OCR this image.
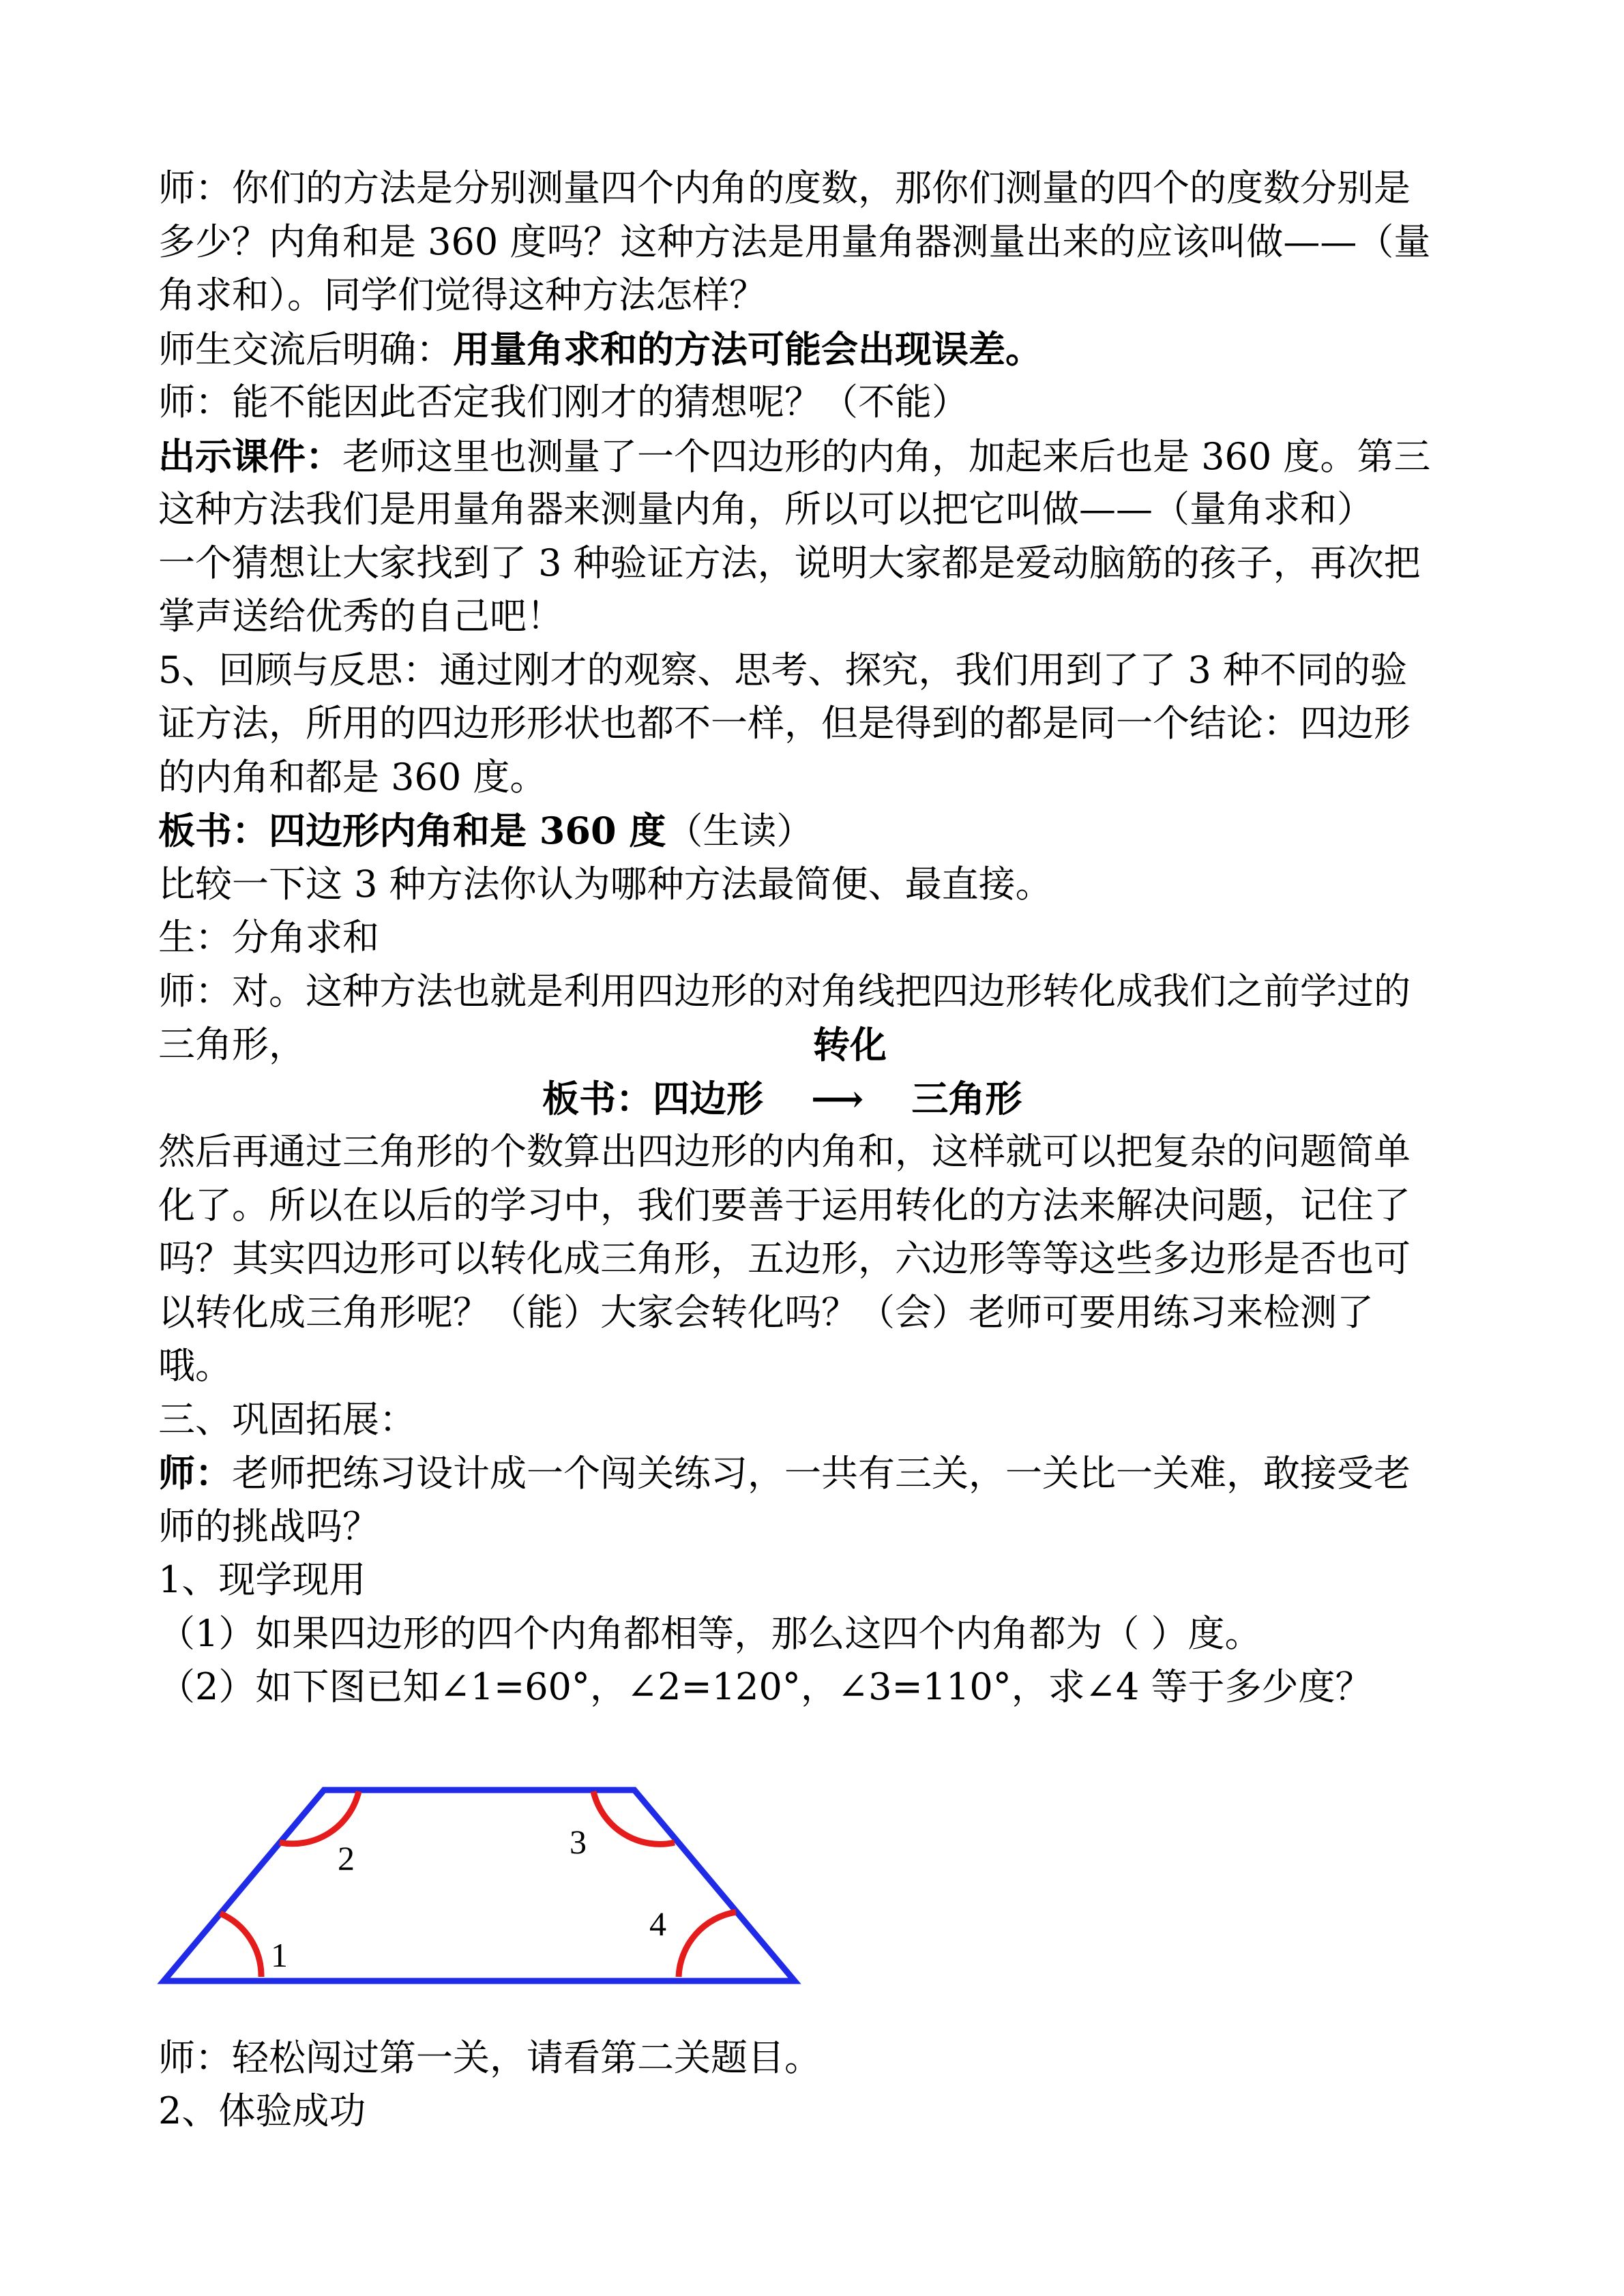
师：你们的方法是分别测量四个内角的度数，那你们测量的四个的度数分别是
多少？内角和是 360 度吗？这种方法是用量角器测量出来的应该叫做——（量
角求和）。同学们觉得这种方法怎样？
师生交流后明确：用量角求和的方法可能会出现误差。
师：能不能因此否定我们刚才的猜想呢？（不能）
出示课件：老师这里也测量了一个四边形的内角，加起来后也是 360 度。第三
这种方法我们是用量角器来测量内角，所以可以把它叫做——（量角求和）
一个猜想让大家找到了 3 种验证方法，说明大家都是爱动脑筋的孩子，再次把
掌声送给优秀的自己吧！
5、回顾与反思：通过刚才的观察、思考、探究，我们用到了了 3 种不同的验
证方法，所用的四边形形状也都不一样，但是得到的都是同一个结论：四边形
的内角和都是 360 度。
板书：四边形内角和是 360 度（生读）
比较一下这 3 种方法你认为哪种方法最简便、最直接。
生：分角求和
师：对。这种方法也就是利用四边形的对角线把四边形转化成我们之前学过的
三角形，	转化
板书：四边形 ⟶ 三角形
然后再通过三角形的个数算出四边形的内角和，这样就可以把复杂的问题简单
化了。所以在以后的学习中，我们要善于运用转化的方法来解决问题，记住了
吗？其实四边形可以转化成三角形，五边形，六边形等等这些多边形是否也可
以转化成三角形呢？（能）大家会转化吗？（会）老师可要用练习来检测了
哦。
三、巩固拓展：
师：老师把练习设计成一个闯关练习，一共有三关，一关比一关难，敢接受老
师的挑战吗？
1、现学现用
（1）如果四边形的四个内角都相等，那么这四个内角都为（ ）度。
（2）如下图已知∠1=60°，∠2=120°，∠3=110°，求∠4 等于多少度？
1
2	3
4
师：轻松闯过第一关，请看第二关题目。
2、体验成功
